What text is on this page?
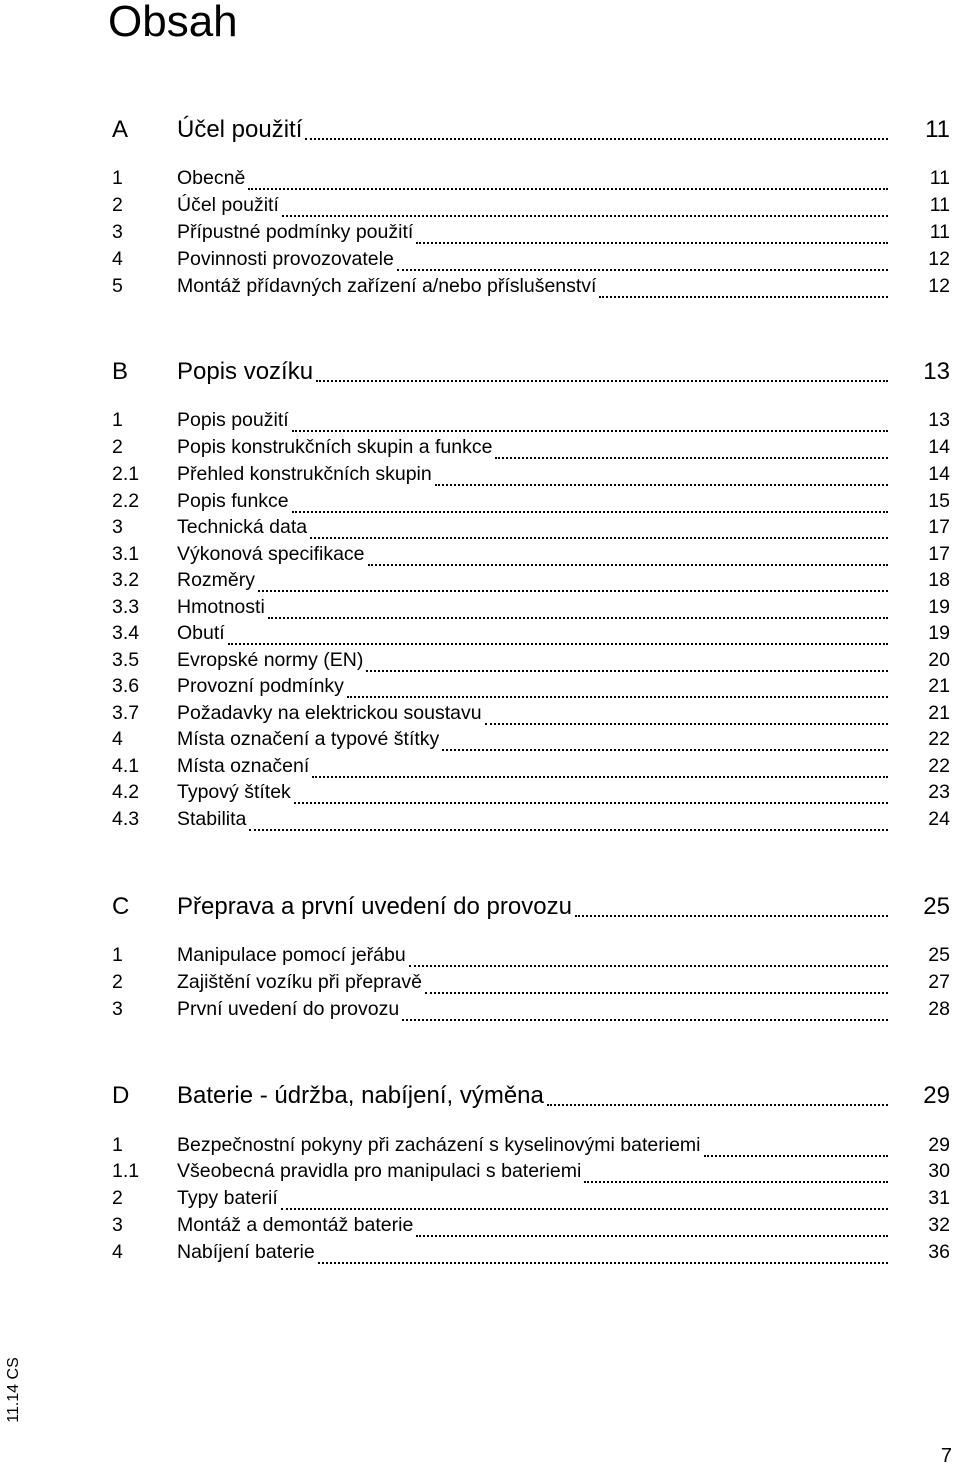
Obsah
A	Účel použití	11
1	Obecně	11
2	Účel použití	11
3	Přípustné podmínky použití	11
4	Povinnosti provozovatele	12
5	Montáž přídavných zařízení a/nebo příslušenství	12
B	Popis vozíku	13
1	Popis použití	13
2	Popis konstrukčních skupin a funkce	14
2.1	Přehled konstrukčních skupin	14
2.2	Popis funkce	15
3	Technická data	17
3.1	Výkonová specifikace	17
3.2	Rozměry	18
3.3	Hmotnosti	19
3.4	Obutí	19
3.5	Evropské normy (EN)	20
3.6	Provozní podmínky	21
3.7	Požadavky na elektrickou soustavu	21
4	Místa označení a typové štítky	22
4.1	Místa označení	22
4.2	Typový štítek	23
4.3	Stabilita	24
C	Přeprava a první uvedení do provozu	25
1	Manipulace pomocí jeřábu	25
2	Zajištění vozíku při přepravě	27
3	První uvedení do provozu	28
D	Baterie - údržba, nabíjení, výměna	29
1	Bezpečnostní pokyny při zacházení s kyselinovými bateriemi	29
1.1	Všeobecná pravidla pro manipulaci s bateriemi	30
2	Typy baterií	31
3	Montáž a demontáž baterie	32
4	Nabíjení baterie	36
11.14 CS
7
